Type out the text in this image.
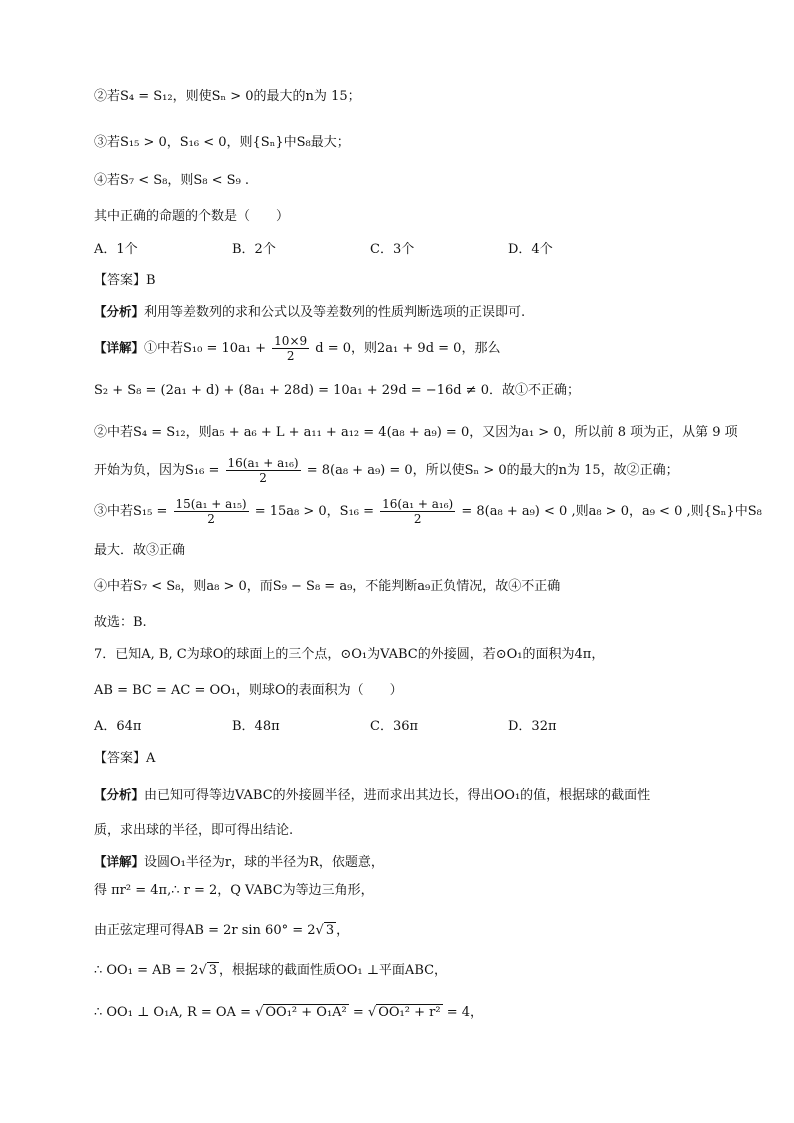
②若S₄ = S₁₂，则使Sₙ > 0的最大的n为 15；
③若S₁₅ > 0，S₁₆ < 0，则{Sₙ}中S₈最大；
④若S₇ < S₈，则S₈ < S₉ .
其中正确的命题的个数是（　　）
A．1个	B．2个	C．3个	D．4个
【答案】B
【分析】利用等差数列的求和公式以及等差数列的性质判断选项的正误即可.
【详解】①中若$S_{10} = 10a_1 + \frac{10\times 9}{2}$ d = 0，则2a₁ + 9d = 0，那么
S₂ + S₈ = (2a₁ + d) + (8a₁ + 28d) = 10a₁ + 29d = −16d ≠ 0．故①不正确；
②中若S₄ = S₁₂，则a₅ + a₆ + L + a₁₁ + a₁₂ = 4(a₈ + a₉) = 0，又因为a₁ > 0，所以前 8 项为正，从第 9 项
开始为负，因为$S_{16} = \frac{\text{16(a₁ + a₁₆)}}{2} = 8(a_8 + a_9) = 0$，所以使Sₙ > 0的最大的n为 15，故②正确；
③中若$S_{15} = \frac{\text{15(a₁ + a₁₅)}}{2} = 15a_8 > 0$，$S_{16} = \frac{\text{16(a₁ + a₁₆)}}{2} = 8(a_8 + a_9) < 0$ ,则a₈ > 0，a₉ < 0 ,则{Sₙ}中S₈
最大．故③正确
④中若S₇ < S₈，则a₈ > 0，而S₉ − S₈ = a₉，不能判断a₉正负情况，故④不正确
故选：B.
7．已知A, B, C为球O的球面上的三个点，⊙O₁为VABC的外接圆，若⊙O₁的面积为4π，
AB = BC = AC = OO₁，则球O的表面积为（　　）
A．64π	B．48π	C．36π	D．32π
【答案】A
【分析】由已知可得等边VABC的外接圆半径，进而求出其边长，得出OO₁的值，根据球的截面性
质，求出球的半径，即可得出结论.
【详解】设圆O₁半径为r，球的半径为R，依题意，
得 πr² = 4π,∴ r = 2，Q VABC为等边三角形，
由正弦定理可得AB = 2r sin 60° = 2√ 3 ，
∴ OO₁ = AB = 2√ 3 ，根据球的截面性质OO₁ ⊥平面ABC，
∴ OO₁ ⊥ O₁A, R = OA = √ OO₁² + O₁A² = √ OO₁² + r² = 4，
